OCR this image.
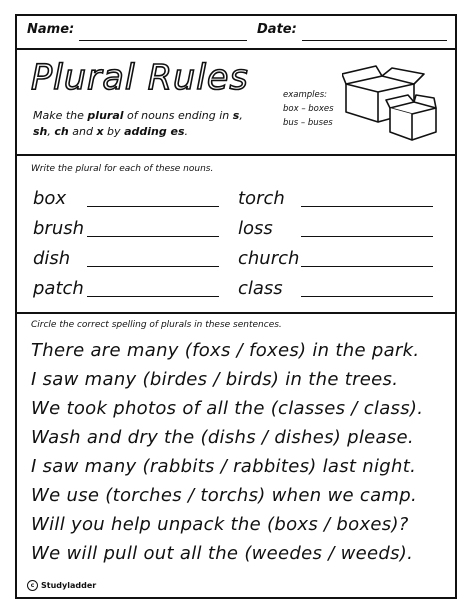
Name:	Date:
Plural Rules
Make the plural of nouns ending in s,
sh, ch and x by adding es.
examples:
box – boxes
bus – buses
Write the plural for each of these nouns.
box
brush
dish
patch
torch
loss
church
class
Circle the correct spelling of plurals in these sentences.
There are many (foxs / foxes) in the park.
I saw many (birdes / birds) in the trees.
We took photos of all the (classes / class).
Wash and dry the (dishs / dishes) please.
I saw many (rabbits / rabbites) last night.
We use (torches / torchs) when we camp.
Will you help unpack the (boxs / boxes)?
We will pull out all the (weedes / weeds).
c Studyladder
